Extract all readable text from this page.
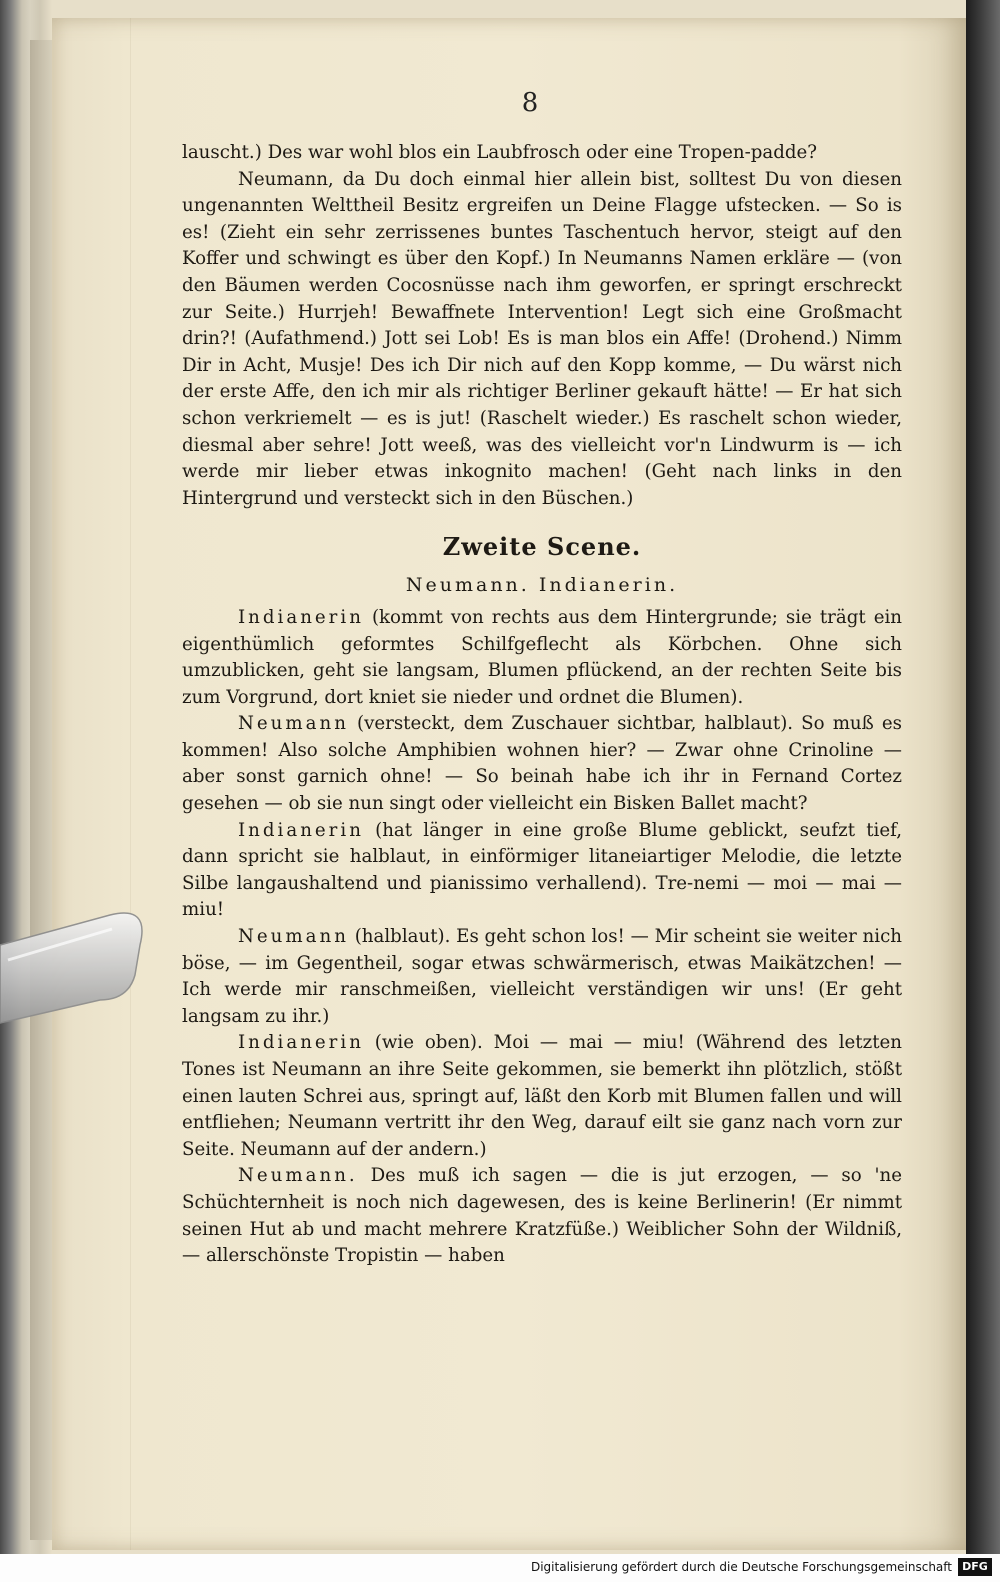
8

lauscht.) Des war wohl blos ein Laubfrosch oder eine Tropen-padde?

Neumann, da Du doch einmal hier allein bist, solltest Du von diesen ungenannten Welttheil Besitz ergreifen un Deine Flagge ufstecken. — So is es! (Zieht ein sehr zerrissenes buntes Taschentuch hervor, steigt auf den Koffer und schwingt es über den Kopf.) In Neumanns Namen erkläre — (von den Bäumen werden Cocosnüsse nach ihm geworfen, er springt erschreckt zur Seite.) Hurrjeh! Bewaffnete Intervention! Legt sich eine Großmacht drin?! (Aufathmend.) Jott sei Lob! Es is man blos ein Affe! (Drohend.) Nimm Dir in Acht, Musje! Des ich Dir nich auf den Kopp komme, — Du wärst nich der erste Affe, den ich mir als richtiger Berliner gekauft hätte! — Er hat sich schon verkriemelt — es is jut! (Raschelt wieder.) Es raschelt schon wieder, diesmal aber sehre! Jott weeß, was des vielleicht vor'n Lindwurm is — ich werde mir lieber etwas inkognito machen! (Geht nach links in den Hintergrund und versteckt sich in den Büschen.)

Zweite Scene.
Neumann. Indianerin.

Indianerin (kommt von rechts aus dem Hintergrunde; sie trägt ein eigenthümlich geformtes Schilfgeflecht als Körbchen. Ohne sich umzublicken, geht sie langsam, Blumen pflückend, an der rechten Seite bis zum Vorgrund, dort kniet sie nieder und ordnet die Blumen).

Neumann (versteckt, dem Zuschauer sichtbar, halblaut). So muß es kommen! Also solche Amphibien wohnen hier? — Zwar ohne Crinoline — aber sonst garnich ohne! — So beinah habe ich ihr in Fernand Cortez gesehen — ob sie nun singt oder vielleicht ein Bisken Ballet macht?

Indianerin (hat länger in eine große Blume geblickt, seufzt tief, dann spricht sie halblaut, in einförmiger litaneiartiger Melodie, die letzte Silbe langaushaltend und pianissimo verhallend). Tre-nemi — moi — mai — miu!

Neumann (halblaut). Es geht schon los! — Mir scheint sie weiter nich böse, — im Gegentheil, sogar etwas schwärmerisch, etwas Maikätzchen! — Ich werde mir ranschmeißen, vielleicht verständigen wir uns! (Er geht langsam zu ihr.)

Indianerin (wie oben). Moi — mai — miu! (Während des letzten Tones ist Neumann an ihre Seite gekommen, sie bemerkt ihn plötzlich, stößt einen lauten Schrei aus, springt auf, läßt den Korb mit Blumen fallen und will entfliehen; Neumann vertritt ihr den Weg, darauf eilt sie ganz nach vorn zur Seite. Neumann auf der andern.)

Neumann. Des muß ich sagen — die is jut erzogen, — so 'ne Schüchternheit is noch nich dagewesen, des is keine Berlinerin! (Er nimmt seinen Hut ab und macht mehrere Kratzfüße.) Weiblicher Sohn der Wildniß, — allerschönste Tropistin — haben

Digitalisierung gefördert durch die Deutsche Forschungsgemeinschaft DFG
